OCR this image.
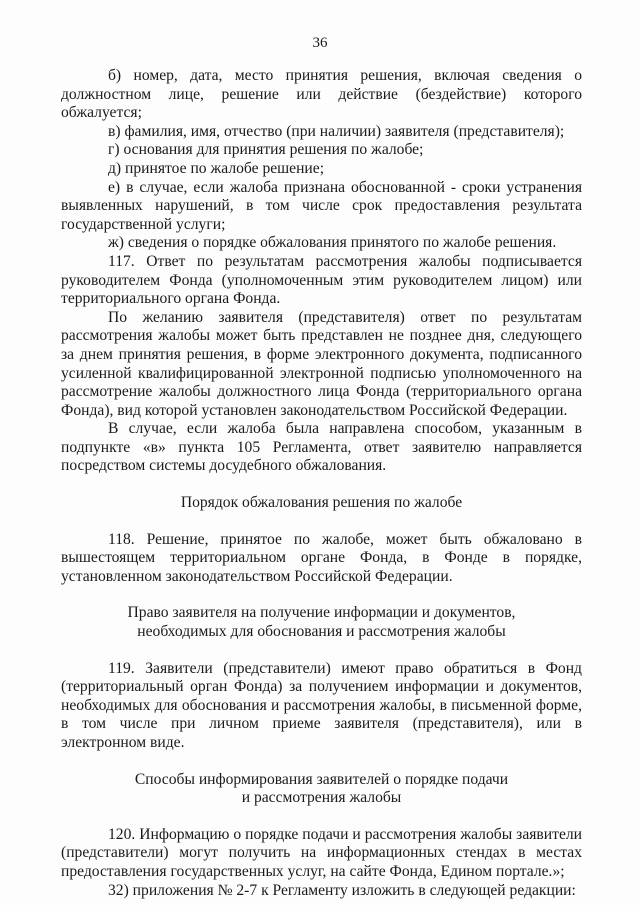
36

б) номер, дата, место принятия решения, включая сведения о должностном лице, решение или действие (бездействие) которого обжалуется;

в) фамилия, имя, отчество (при наличии) заявителя (представителя);

г) основания для принятия решения по жалобе;

д) принятое по жалобе решение;

е) в случае, если жалоба признана обоснованной - сроки устранения выявленных нарушений, в том числе срок предоставления результата государственной услуги;

ж) сведения о порядке обжалования принятого по жалобе решения.

117. Ответ по результатам рассмотрения жалобы подписывается руководителем Фонда (уполномоченным этим руководителем лицом) или территориального органа Фонда.

По желанию заявителя (представителя) ответ по результатам рассмотрения жалобы может быть представлен не позднее дня, следующего за днем принятия решения, в форме электронного документа, подписанного усиленной квалифицированной электронной подписью уполномоченного на рассмотрение жалобы должностного лица Фонда (территориального органа Фонда), вид которой установлен законодательством Российской Федерации.

В случае, если жалоба была направлена способом, указанным в подпункте «в» пункта 105 Регламента, ответ заявителю направляется посредством системы досудебного обжалования.

Порядок обжалования решения по жалобе

118. Решение, принятое по жалобе, может быть обжаловано в вышестоящем территориальном органе Фонда, в Фонде в порядке, установленном законодательством Российской Федерации.

Право заявителя на получение информации и документов,
необходимых для обоснования и рассмотрения жалобы

119. Заявители (представители) имеют право обратиться в Фонд (территориальный орган Фонда) за получением информации и документов, необходимых для обоснования и рассмотрения жалобы, в письменной форме, в том числе при личном приеме заявителя (представителя), или в электронном виде.

Способы информирования заявителей о порядке подачи
и рассмотрения жалобы

120. Информацию о порядке подачи и рассмотрения жалобы заявители (представители) могут получить на информационных стендах в местах предоставления государственных услуг, на сайте Фонда, Едином портале.»;

32) приложения № 2-7 к Регламенту изложить в следующей редакции:
